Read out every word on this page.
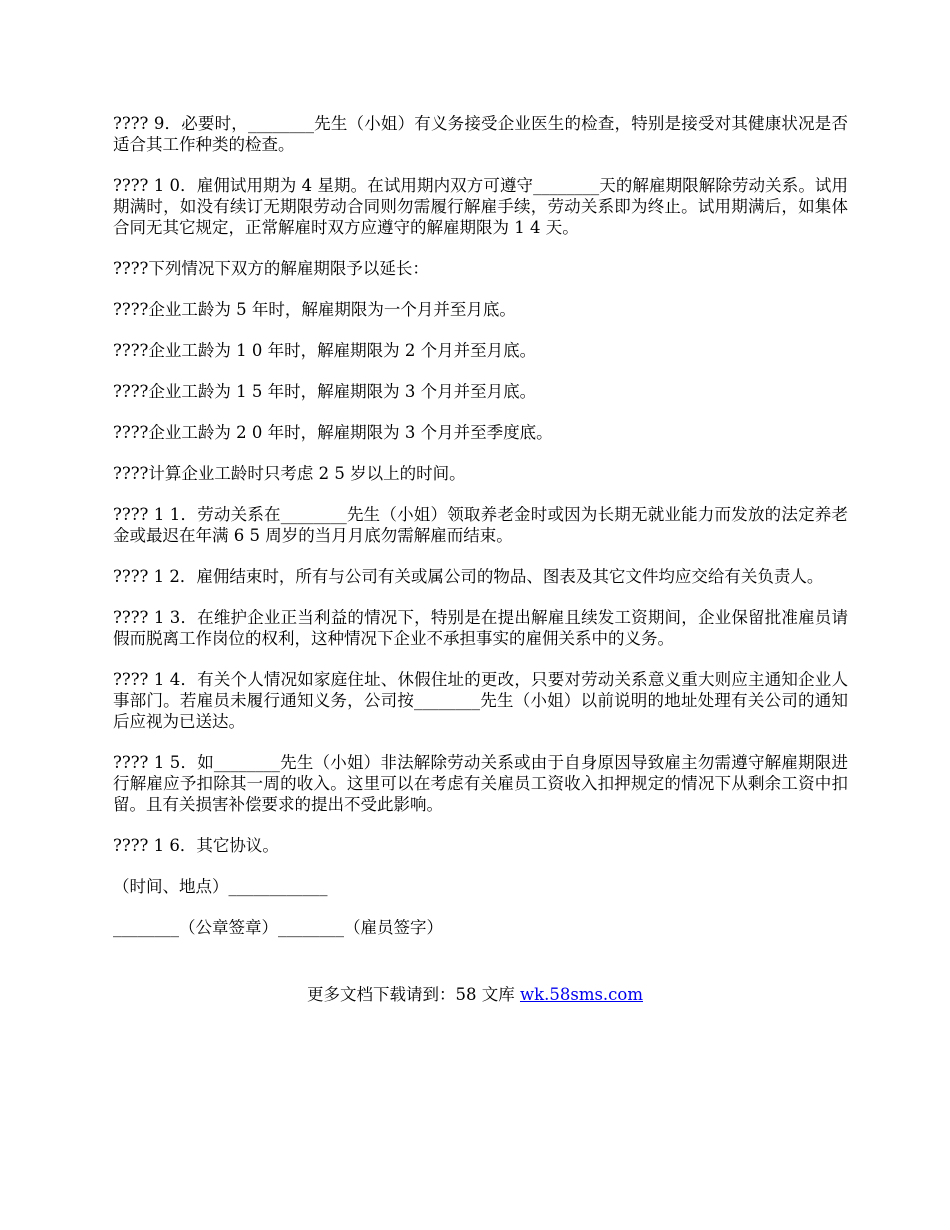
???? 9．必要时，________先生（小姐）有义务接受企业医生的检查，特别是接受对其健康状况是否适合其工作种类的检查。

???? 1 0．雇佣试用期为 4 星期。在试用期内双方可遵守________天的解雇期限解除劳动关系。试用期满时，如没有续订无期限劳动合同则勿需履行解雇手续，劳动关系即为终止。试用期满后，如集体合同无其它规定，正常解雇时双方应遵守的解雇期限为 1 4 天。

????下列情况下双方的解雇期限予以延长：

????企业工龄为 5 年时，解雇期限为一个月并至月底。

????企业工龄为 1 0 年时，解雇期限为 2 个月并至月底。

????企业工龄为 1 5 年时，解雇期限为 3 个月并至月底。

????企业工龄为 2 0 年时，解雇期限为 3 个月并至季度底。

????计算企业工龄时只考虑 2 5 岁以上的时间。

???? 1 1．劳动关系在________先生（小姐）领取养老金时或因为长期无就业能力而发放的法定养老金或最迟在年满 6 5 周岁的当月月底勿需解雇而结束。

???? 1 2．雇佣结束时，所有与公司有关或属公司的物品、图表及其它文件均应交给有关负责人。

???? 1 3．在维护企业正当利益的情况下，特别是在提出解雇且续发工资期间，企业保留批准雇员请假而脱离工作岗位的权利，这种情况下企业不承担事实的雇佣关系中的义务。

???? 1 4．有关个人情况如家庭住址、休假住址的更改，只要对劳动关系意义重大则应主通知企业人事部门。若雇员未履行通知义务，公司按________先生（小姐）以前说明的地址处理有关公司的通知后应视为已送达。

???? 1 5．如________先生（小姐）非法解除劳动关系或由于自身原因导致雇主勿需遵守解雇期限进行解雇应予扣除其一周的收入。这里可以在考虑有关雇员工资收入扣押规定的情况下从剩余工资中扣留。且有关损害补偿要求的提出不受此影响。

???? 1 6．其它协议。

（时间、地点）____________

________（公章签章）________（雇员签字）

更多文档下载请到：58 文库 wk.58sms.com
